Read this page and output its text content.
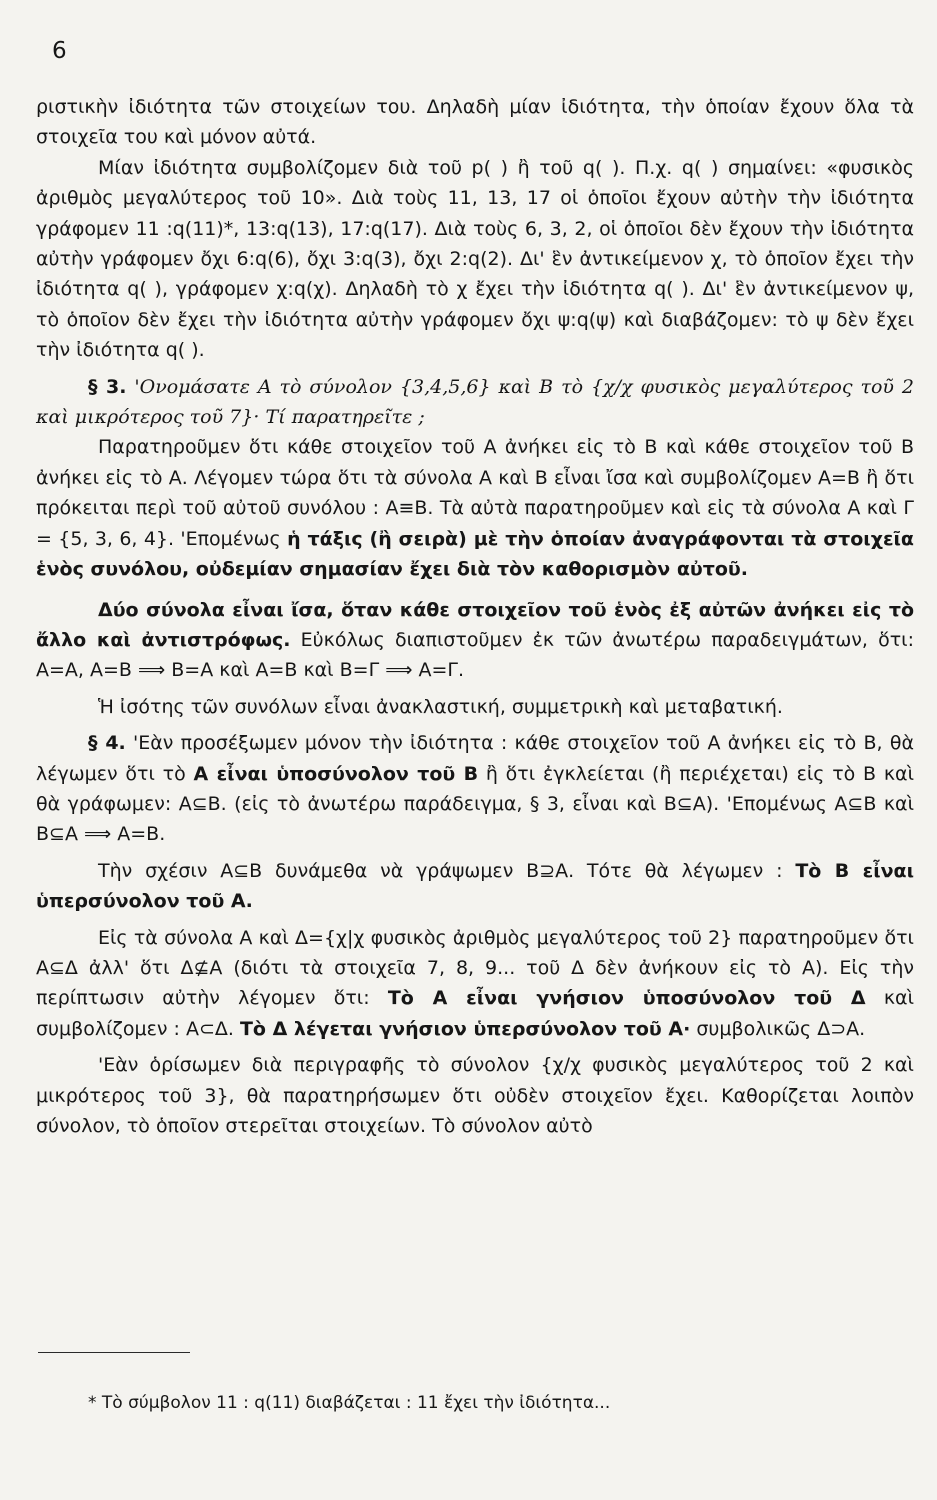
6

ριστικὴν ἰδιότητα τῶν στοιχείων του. Δηλαδὴ μίαν ἰδιότητα, τὴν ὁποίαν ἔχουν ὅλα τὰ στοιχεῖα του καὶ μόνον αὐτά.

Μίαν ἰδιότητα συμβολίζομεν διὰ τοῦ p( ) ἢ τοῦ q( ). Π.χ. q( ) σημαίνει: «φυσικὸς ἀριθμὸς μεγαλύτερος τοῦ 10». Διὰ τοὺς 11, 13, 17 οἱ ὁποῖοι ἔχουν αὐτὴν τὴν ἰδιότητα γράφομεν 11 :q(11)*, 13:q(13), 17:q(17). Διὰ τοὺς 6, 3, 2, οἱ ὁποῖοι δὲν ἔχουν τὴν ἰδιότητα αὐτὴν γράφομεν ὄχι 6:q(6), ὄχι 3:q(3), ὄχι 2:q(2). Δι' ἓν ἀντικείμενον χ, τὸ ὁποῖον ἔχει τὴν ἰδιότητα q( ), γράφομεν χ:q(χ). Δηλαδὴ τὸ χ ἔχει τὴν ἰδιότητα q( ). Δι' ἓν ἀντικείμενον ψ, τὸ ὁποῖον δὲν ἔχει τὴν ἰδιότητα αὐτὴν γράφομεν ὄχι ψ:q(ψ) καὶ διαβάζομεν: τὸ ψ δὲν ἔχει τὴν ἰδιότητα q( ).

§ 3. 'Ονομάσατε A τὸ σύνολον {3,4,5,6} καὶ B τὸ {χ/χ φυσικὸς μεγαλύτερος τοῦ 2 καὶ μικρότερος τοῦ 7}· Τί παρατηρεῖτε ;

Παρατηροῦμεν ὅτι κάθε στοιχεῖον τοῦ Α ἀνήκει εἰς τὸ Β καὶ κάθε στοιχεῖον τοῦ Β ἀνήκει εἰς τὸ Α. Λέγομεν τώρα ὅτι τὰ σύνολα Α καὶ Β εἶναι ἴσα καὶ συμβολίζομεν Α=Β ἢ ὅτι πρόκειται περὶ τοῦ αὐτοῦ συνόλου : Α≡Β. Τὰ αὐτὰ παρατηροῦμεν καὶ εἰς τὰ σύνολα Α καὶ Γ = {5, 3, 6, 4}. 'Επομένως ἡ τάξις (ἢ σειρὰ) μὲ τὴν ὁποίαν ἀναγράφονται τὰ στοιχεῖα ἑνὸς συνόλου, οὐδεμίαν σημασίαν ἔχει διὰ τὸν καθορισμὸν αὐτοῦ.

Δύο σύνολα εἶναι ἴσα, ὅταν κάθε στοιχεῖον τοῦ ἑνὸς ἐξ αὐτῶν ἀνήκει εἰς τὸ ἄλλο καὶ ἀντιστρόφως. Εὐκόλως διαπιστοῦμεν ἐκ τῶν ἀνωτέρω παραδειγμάτων, ὅτι: Α=Α, Α=Β ⟹ Β=Α καὶ Α=Β καὶ Β=Γ ⟹ Α=Γ.

Ἡ ἰσότης τῶν συνόλων εἶναι ἀνακλαστική, συμμετρικὴ καὶ μεταβατική.

§ 4. 'Εὰν προσέξωμεν μόνον τὴν ἰδιότητα : κάθε στοιχεῖον τοῦ Α ἀνήκει εἰς τὸ Β, θὰ λέγωμεν ὅτι τὸ Α εἶναι ὑποσύνολον τοῦ Β ἢ ὅτι ἐγκλείεται (ἢ περιέχεται) εἰς τὸ Β καὶ θὰ γράφωμεν: Α⊆Β. (εἰς τὸ ἀνωτέρω παράδειγμα, § 3, εἶναι καὶ Β⊆Α). 'Επομένως Α⊆Β καὶ Β⊆Α ⟹ Α=Β.

Τὴν σχέσιν Α⊆Β δυνάμεθα νὰ γράψωμεν Β⊇Α. Τότε θὰ λέγωμεν : Τὸ Β εἶναι ὑπερσύνολον τοῦ Α.

Εἰς τὰ σύνολα Α καὶ Δ={χ|χ φυσικὸς ἀριθμὸς μεγαλύτερος τοῦ 2} παρατηροῦμεν ὅτι Α⊆Δ ἀλλ' ὅτι Δ⊈Α (διότι τὰ στοιχεῖα 7, 8, 9... τοῦ Δ δὲν ἀνήκουν εἰς τὸ Α). Εἰς τὴν περίπτωσιν αὐτὴν λέγομεν ὅτι: Τὸ Α εἶναι γνήσιον ὑποσύνολον τοῦ Δ καὶ συμβολίζομεν : Α⊂Δ. Τὸ Δ λέγεται γνήσιον ὑπερσύνολον τοῦ Α· συμβολικῶς Δ⊃Α.

'Εὰν ὁρίσωμεν διὰ περιγραφῆς τὸ σύνολον {χ/χ φυσικὸς μεγαλύτερος τοῦ 2 καὶ μικρότερος τοῦ 3}, θὰ παρατηρήσωμεν ὅτι οὐδὲν στοιχεῖον ἔχει. Καθορίζεται λοιπὸν σύνολον, τὸ ὁποῖον στερεῖται στοιχείων. Τὸ σύνολον αὐτὸ

* Τὸ σύμβολον 11 : q(11) διαβάζεται : 11 ἔχει τὴν ἰδιότητα...
